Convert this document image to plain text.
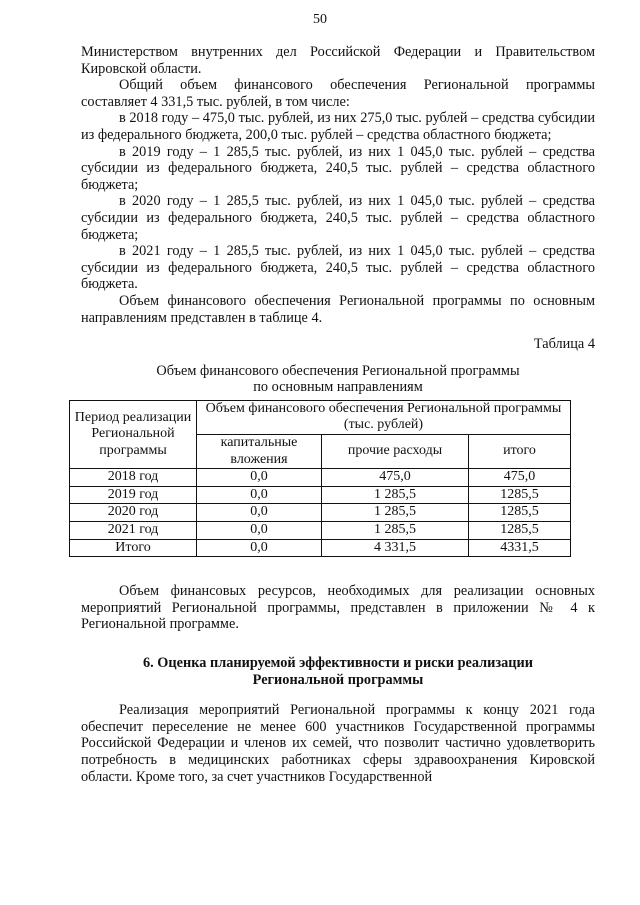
50

Министерством внутренних дел Российской Федерации и Правительством Кировской области.

Общий объем финансового обеспечения Региональной программы составляет 4 331,5 тыс. рублей, в том числе:

в 2018 году – 475,0 тыс. рублей, из них 275,0 тыс. рублей – средства субсидии из федерального бюджета, 200,0 тыс. рублей – средства областного бюджета;

в 2019 году – 1 285,5 тыс. рублей, из них 1 045,0 тыс. рублей – средства субсидии из федерального бюджета, 240,5 тыс. рублей – средства областного бюджета;

в 2020 году – 1 285,5 тыс. рублей, из них 1 045,0 тыс. рублей – средства субсидии из федерального бюджета, 240,5 тыс. рублей – средства областного бюджета;

в 2021 году – 1 285,5 тыс. рублей, из них 1 045,0 тыс. рублей – средства субсидии из федерального бюджета, 240,5 тыс. рублей – средства областного бюджета.

Объем финансового обеспечения Региональной программы по основным направлениям представлен в таблице 4.

Таблица 4
Объем финансового обеспечения Региональной программы
по основным направлениям
Период реализации Региональной программы	Объем финансового обеспечения Региональной программы (тыс. рублей)		
	капитальные вложения	прочие расходы	итого
2018 год	0,0	475,0	475,0
2019 год	0,0	1 285,5	1285,5
2020 год	0,0	1 285,5	1285,5
2021 год	0,0	1 285,5	1285,5
Итого	0,0	4 331,5	4331,5

Объем финансовых ресурсов, необходимых для реализации основных мероприятий Региональной программы, представлен в приложении № 4 к Региональной программе.

6. Оценка планируемой эффективности и риски реализации
Региональной программы

Реализация мероприятий Региональной программы к концу 2021 года обеспечит переселение не менее 600 участников Государственной программы Российской Федерации и членов их семей, что позволит частично удовлетворить потребность в медицинских работниках сферы здравоохранения Кировской области. Кроме того, за счет участников Государственной
